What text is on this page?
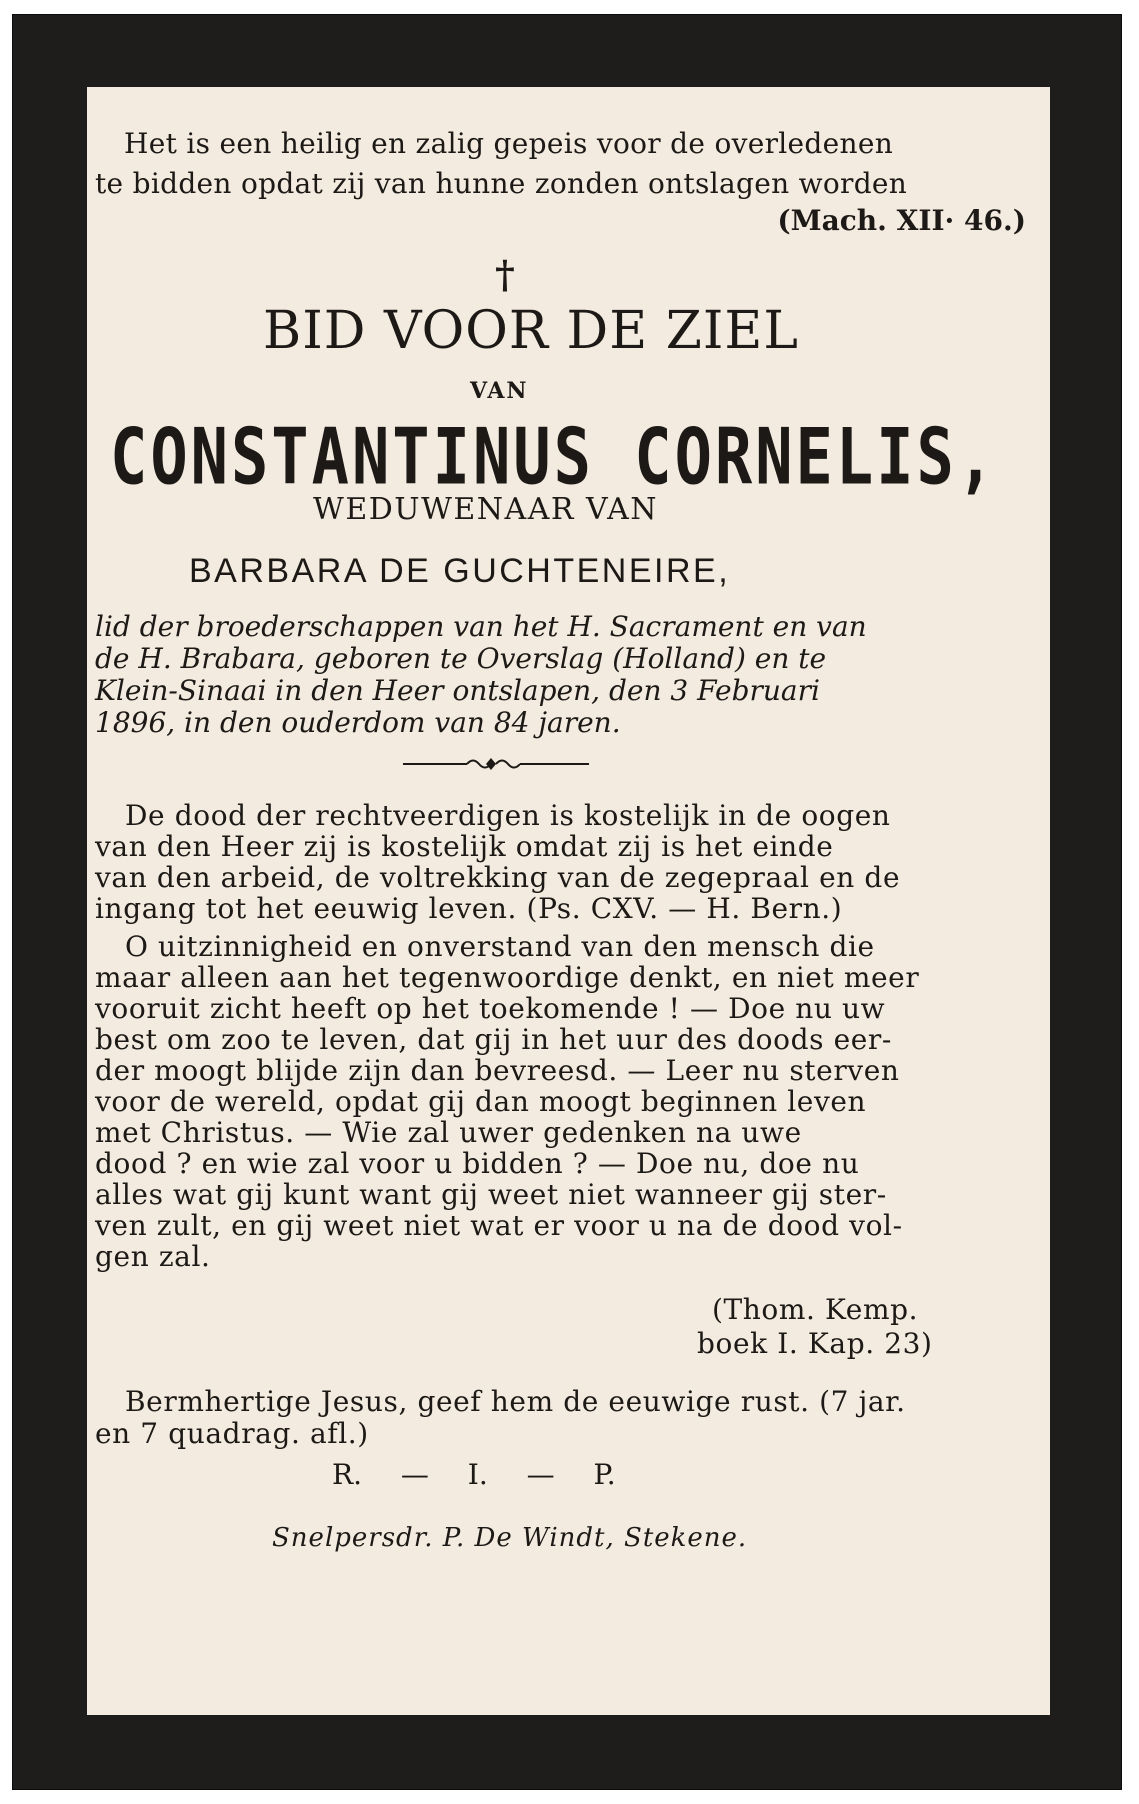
Het is een heilig en zalig gepeis voor de overledenen
te bidden opdat zij van hunne zonden ontslagen worden
(Mach. XII· 46.)
†
BID VOOR DE ZIEL
VAN
CONSTANTINUS CORNELIS,
WEDUWENAAR VAN
BARBARA DE GUCHTENEIRE,
lid der broederschappen van het H. Sacrament en van
de H. Brabara, geboren te Overslag (Holland) en te
Klein-Sinaai in den Heer ontslapen, den 3 Februari
1896, in den ouderdom van 84 jaren.
De dood der rechtveerdigen is kostelijk in de oogen
van den Heer zij is kostelijk omdat zij is het einde
van den arbeid, de voltrekking van de zegepraal en de
ingang tot het eeuwig leven. (Ps. CXV. — H. Bern.)
O uitzinnigheid en onverstand van den mensch die
maar alleen aan het tegenwoordige denkt, en niet meer
vooruit zicht heeft op het toekomende ! — Doe nu uw
best om zoo te leven, dat gij in het uur des doods eer-
der moogt blijde zijn dan bevreesd. — Leer nu sterven
voor de wereld, opdat gij dan moogt beginnen leven
met Christus. — Wie zal uwer gedenken na uwe
dood ? en wie zal voor u bidden ? — Doe nu, doe nu
alles wat gij kunt want gij weet niet wanneer gij ster-
ven zult, en gij weet niet wat er voor u na de dood vol-
gen zal.
(Thom. Kemp.
boek I. Kap. 23)
Bermhertige Jesus, geef hem de eeuwige rust. (7 jar.
en 7 quadrag. afl.)
R. — I. — P.
Snelpersdr. P. De Windt, Stekene.
